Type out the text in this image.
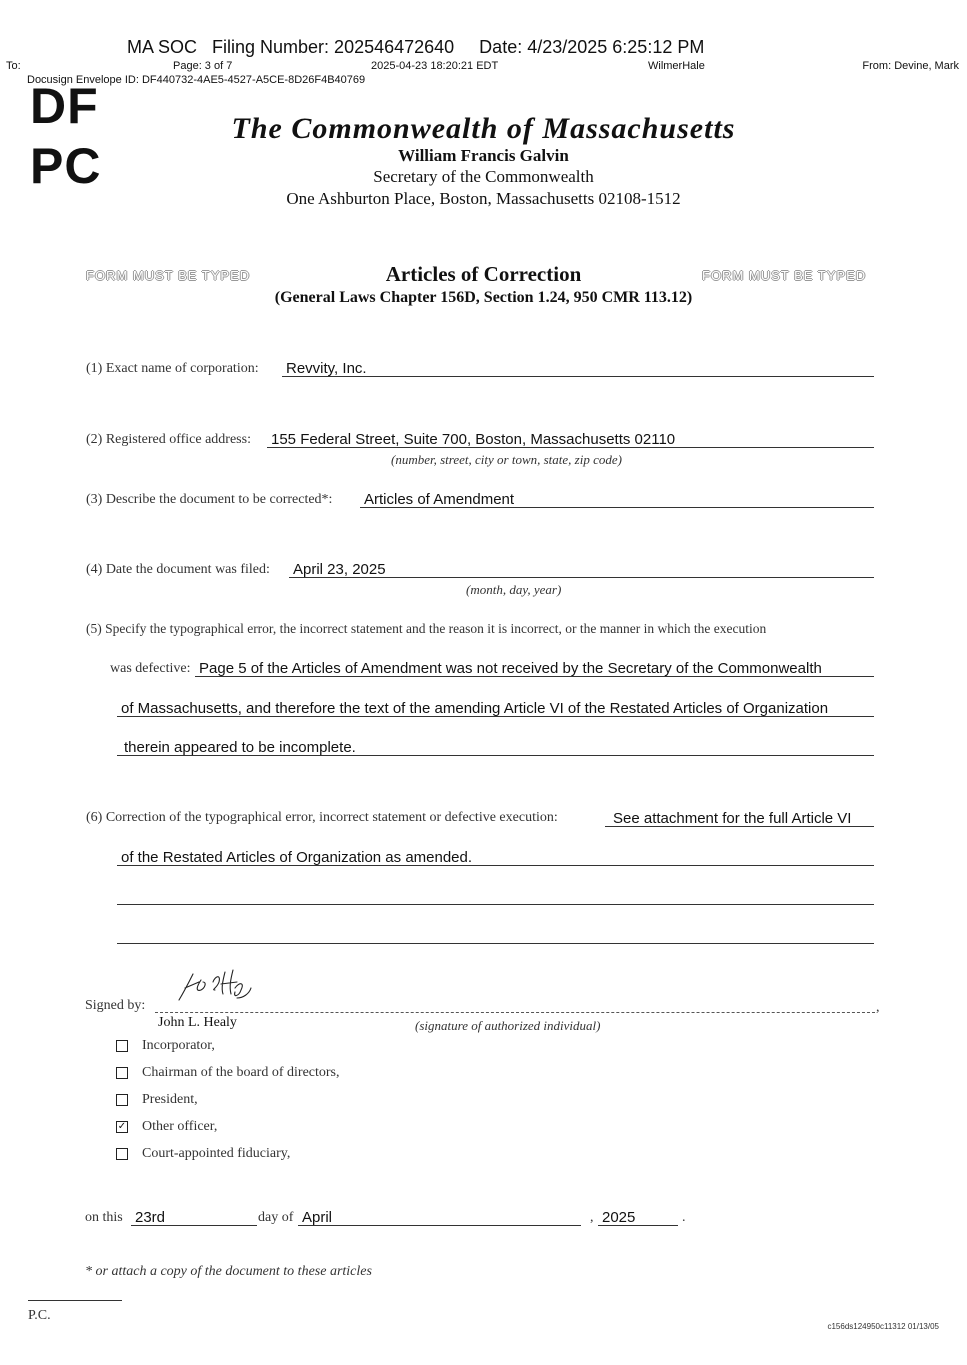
MA SOC   Filing Number: 202546472640     Date: 4/23/2025 6:25:12 PM
To:	Page: 3 of 7	2025-04-23 18:20:21 EDT	WilmerHale	From: Devine, Mark
Docusign Envelope ID: DF440732-4AE5-4527-A5CE-8D26F4B40769
DF
PC
The Commonwealth of Massachusetts
William Francis Galvin
Secretary of the Commonwealth
One Ashburton Place, Boston, Massachusetts 02108-1512
FORM MUST BE TYPED	FORM MUST BE TYPED
Articles of Correction
(General Laws Chapter 156D, Section 1.24, 950 CMR 113.12)
(1) Exact name of corporation: Revvity, Inc.
(2) Registered office address: 155 Federal Street, Suite 700, Boston, Massachusetts 02110
(number, street, city or town, state, zip code)
(3) Describe the document to be corrected*: Articles of Amendment
(4) Date the document was filed: April 23, 2025
(month, day, year)
(5) Specify the typographical error, the incorrect statement and the reason it is incorrect, or the manner in which the execution
was defective: Page 5 of the Articles of Amendment was not received by the Secretary of the Commonwealth
of Massachusetts, and therefore the text of the amending Article VI of the Restated Articles of Organization
therein appeared to be incomplete.
(6) Correction of the typographical error, incorrect statement or defective execution:	See attachment for the full Article VI
of the Restated Articles of Organization as amended.
Signed by:	,
John L. Healy	(signature of authorized individual)
Incorporator,
Chairman of the board of directors,
President,
✓ Other officer,
Court-appointed fiduciary,
on this 23rd	day of April	, 2025	.
* or attach a copy of the document to these articles
P.C.
c156ds124950c11312 01/13/05
